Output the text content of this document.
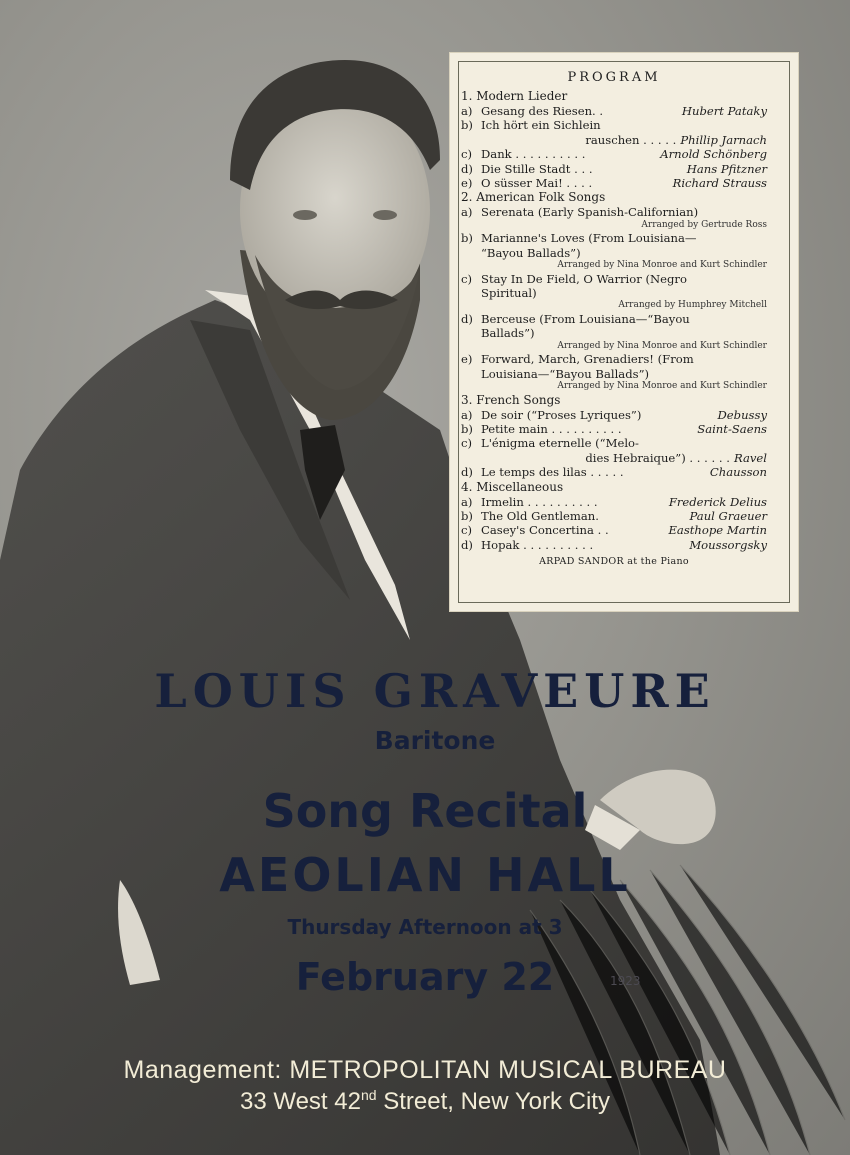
PROGRAM
1. Modern Lieder
a) Gesang des Riesen. .	Hubert Pataky
b) Ich hört ein Sichlein
rauschen . . . . . Phillip Jarnach
c) Dank . . . . . . . . . .	Arnold Schönberg
d) Die Stille Stadt . . .	Hans Pfitzner
e) O süsser Mai! . . . .	Richard Strauss
2. American Folk Songs
a) Serenata (Early Spanish-Californian)
Arranged by Gertrude Ross
b) Marianne's Loves (From Louisiana—
“Bayou Ballads”)
Arranged by Nina Monroe and Kurt Schindler
c) Stay In De Field, O Warrior (Negro
Spiritual)
Arranged by Humphrey Mitchell
d) Berceuse (From Louisiana—“Bayou
Ballads”)
Arranged by Nina Monroe and Kurt Schindler
e) Forward, March, Grenadiers! (From
Louisiana—“Bayou Ballads”)
Arranged by Nina Monroe and Kurt Schindler
3. French Songs
a) De soir (“Proses Lyriques”)	Debussy
b) Petite main . . . . . . . . . .	Saint-Saens
c) L'énigma eternelle (“Melo-
dies Hebraique”) . . . . . . Ravel
d) Le temps des lilas . . . . .	Chausson
4. Miscellaneous
a) Irmelin . . . . . . . . . .	Frederick Delius
b) The Old Gentleman.	Paul Graeuer
c) Casey's Concertina . .	Easthope Martin
d) Hopak . . . . . . . . . .	Moussorgsky
ARPAD SANDOR at the Piano
LOUIS GRAVEURE
Baritone
Song Recital
AEOLIAN HALL
Thursday Afternoon at 3
February 22	1923
Management: METROPOLITAN MUSICAL BUREAU
33 West 42nd Street, New York City
